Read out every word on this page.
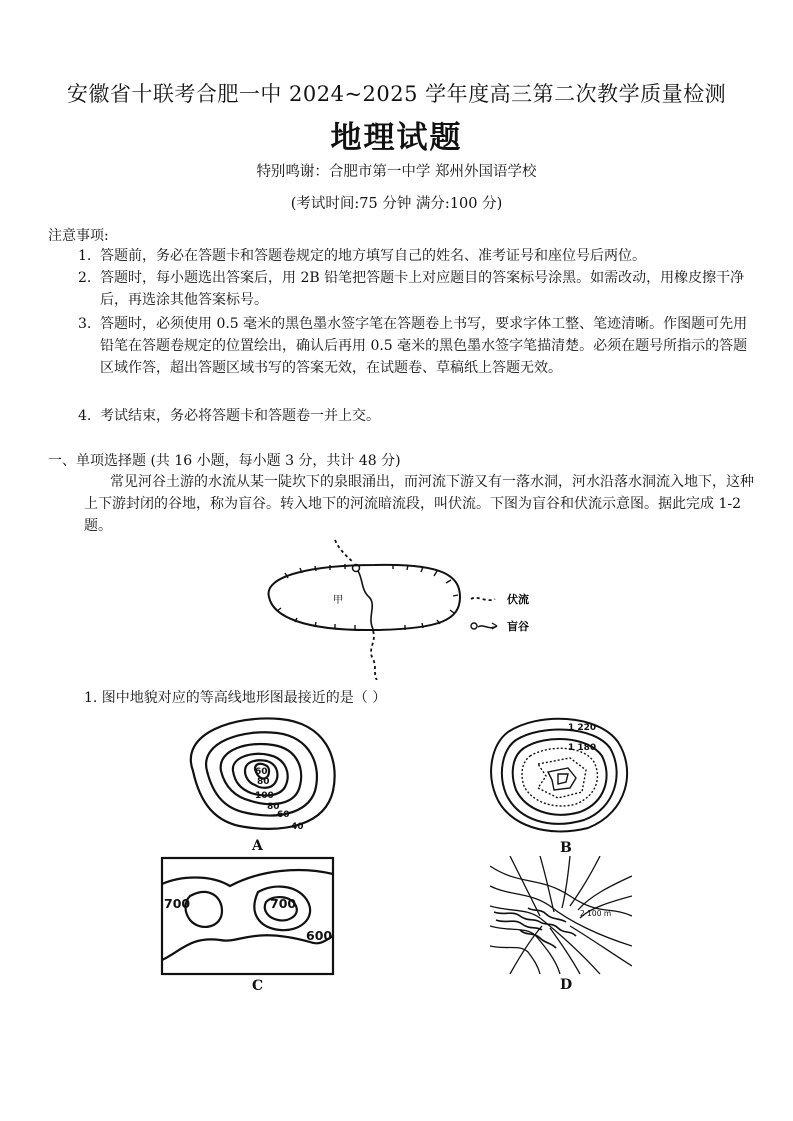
安徽省十联考合肥一中 2024~2025 学年度高三第二次教学质量检测
地理试题
特别鸣谢：合肥市第一中学 郑州外国语学校
(考试时间:75 分钟 满分:100 分)
注意事项:
1. 答题前，务必在答题卡和答题卷规定的地方填写自己的姓名、准考证号和座位号后两位。
2. 答题时，每小题选出答案后，用 2B 铅笔把答题卡上对应题目的答案标号涂黑。如需改动，用橡皮擦干净后，再选涂其他答案标号。
3. 答题时，必须使用 0.5 毫米的黑色墨水签字笔在答题卷上书写，要求字体工整、笔迹清晰。作图题可先用铅笔在答题卷规定的位置绘出，确认后再用 0.5 毫米的黑色墨水签字笔描清楚。必须在题号所指示的答题区域作答，超出答题区域书写的答案无效，在试题卷、草稿纸上答题无效。
4. 考试结束，务必将答题卡和答题卷一并上交。
一、单项选择题 (共 16 小题，每小题 3 分，共计 48 分)
常见河谷土游的水流从某一陡坎下的泉眼涌出，而河流下游又有一落水洞，河水沿落水洞流入地下，这种上下游封闭的谷地，称为盲谷。转入地下的河流暗流段，叫伏流。下图为盲谷和伏流示意图。据此完成 1-2 题。
甲	伏流
盲谷
1. 图中地貌对应的等高线地形图最接近的是（ ）
60
80
100
80
60
40
A
1 220
1 180
B
700	700
600
C
2 100 m
D
